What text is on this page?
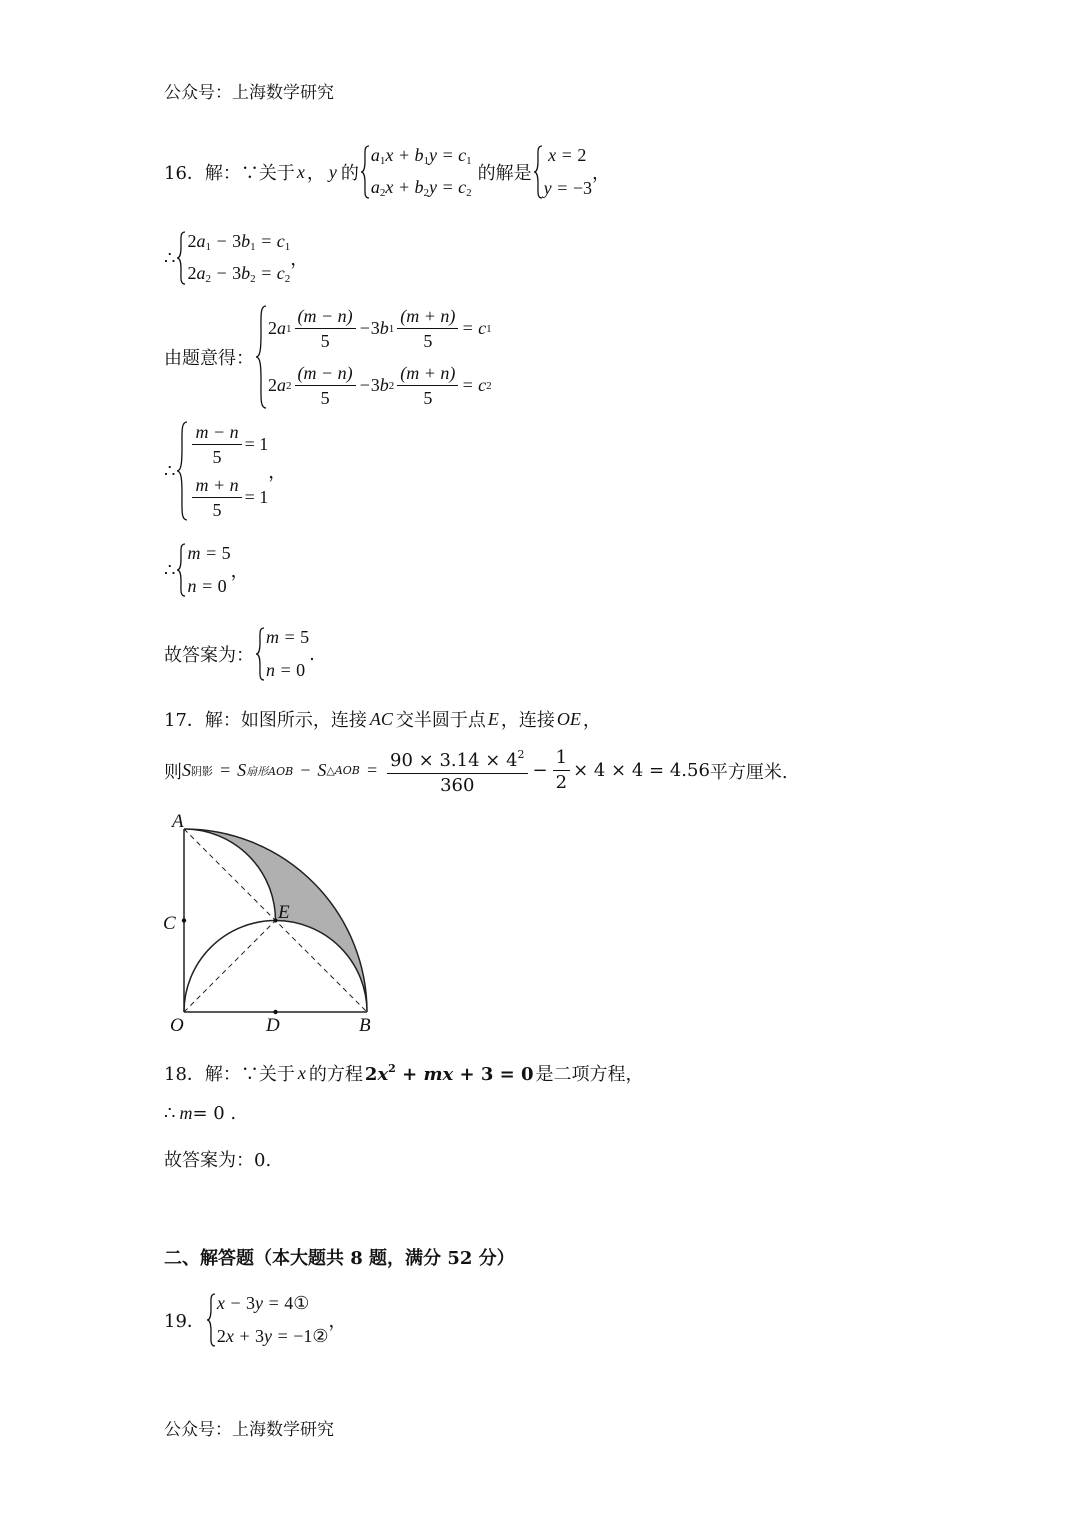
公众号：上海数学研究
16．解： ∵关于 x ， y 的
$a_1x + b_1y = c_1$
$a_2x + b_2y = c_2$
的解是
x = 2
y = −3
，
∴
$2a_1 - 3b_1 = c_1$
$2a_2 - 3b_2 = c_2$
，
由题意得：
2 a $1 \frac{(m - n)}{5} - 3$ b $1 \frac{(m + n)}{5} = c$ 1
2 a $2 \frac{(m - n)}{5} - 3$ b $2 \frac{(m + n)}{5} = c$ 2
∴
$\frac{m - n}{5} = 1$
$\frac{m + n}{5} = 1$
，
∴
m = 5
n = 0
，
故答案为：
m = 5
n = 0
.
17．解：如图所示，连接 AC 交半圆于点 E ，连接 OE ，
则 S 阴影 = S 扇形AOB − S △AOB = $\frac{90 \times 3.14 \times 4^2}{360} - \frac{1}{2} \times 4 \times 4 = 4.56$ 平方厘米.
A
C
E
O	D	B
18．解：∵关于 x 的方程 $2x^2$ + mx + 3 = 0 是二项方程，
∴ m = 0 .
故答案为：0.
二、解答题（本大题共 8 题，满分 52 分）
19．
x − 3y = 4①
2x + 3y = −1②
，
公众号：上海数学研究
